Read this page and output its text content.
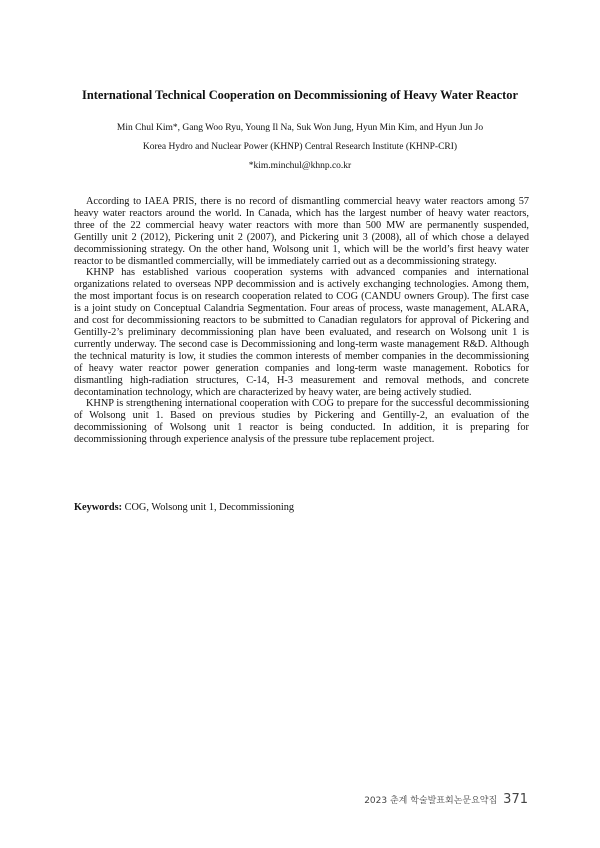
International Technical Cooperation on Decommissioning of Heavy Water Reactor

Min Chul Kim*, Gang Woo Ryu, Young Il Na, Suk Won Jung, Hyun Min Kim, and Hyun Jun Jo

Korea Hydro and Nuclear Power (KHNP) Central Research Institute (KHNP-CRI)

*kim.minchul@khnp.co.kr

According to IAEA PRIS, there is no record of dismantling commercial heavy water reactors among 57 heavy water reactors around the world. In Canada, which has the largest number of heavy water reactors, three of the 22 commercial heavy water reactors with more than 500 MW are permanently suspended, Gentilly unit 2 (2012), Pickering unit 2 (2007), and Pickering unit 3 (2008), all of which chose a delayed decommissioning strategy. On the other hand, Wolsong unit 1, which will be the world’s first heavy water reactor to be dismantled commercially, will be immediately carried out as a decommissioning strategy.

KHNP has established various cooperation systems with advanced companies and international organizations related to overseas NPP decommission and is actively exchanging technologies. Among them, the most important focus is on research cooperation related to COG (CANDU owners Group). The first case is a joint study on Conceptual Calandria Segmentation. Four areas of process, waste management, ALARA, and cost for decommissioning reactors to be submitted to Canadian regulators for approval of Pickering and Gentilly-2’s preliminary decommissioning plan have been evaluated, and research on Wolsong unit 1 is currently underway. The second case is Decommissioning and long-term waste management R&D. Although the technical maturity is low, it studies the common interests of member companies in the decommissioning of heavy water reactor power generation companies and long-term waste management. Robotics for dismantling high-radiation structures, C-14, H-3 measurement and removal methods, and concrete decontamination technology, which are characterized by heavy water, are being actively studied.

KHNP is strengthening international cooperation with COG to prepare for the successful decommissioning of Wolsong unit 1. Based on previous studies by Pickering and Gentilly-2, an evaluation of the decommissioning of Wolsong unit 1 reactor is being conducted. In addition, it is preparing for decommissioning through experience analysis of the pressure tube replacement project.

Keywords: COG, Wolsong unit 1, Decommissioning

2023 춘계 학술발표회논문요약집 371
